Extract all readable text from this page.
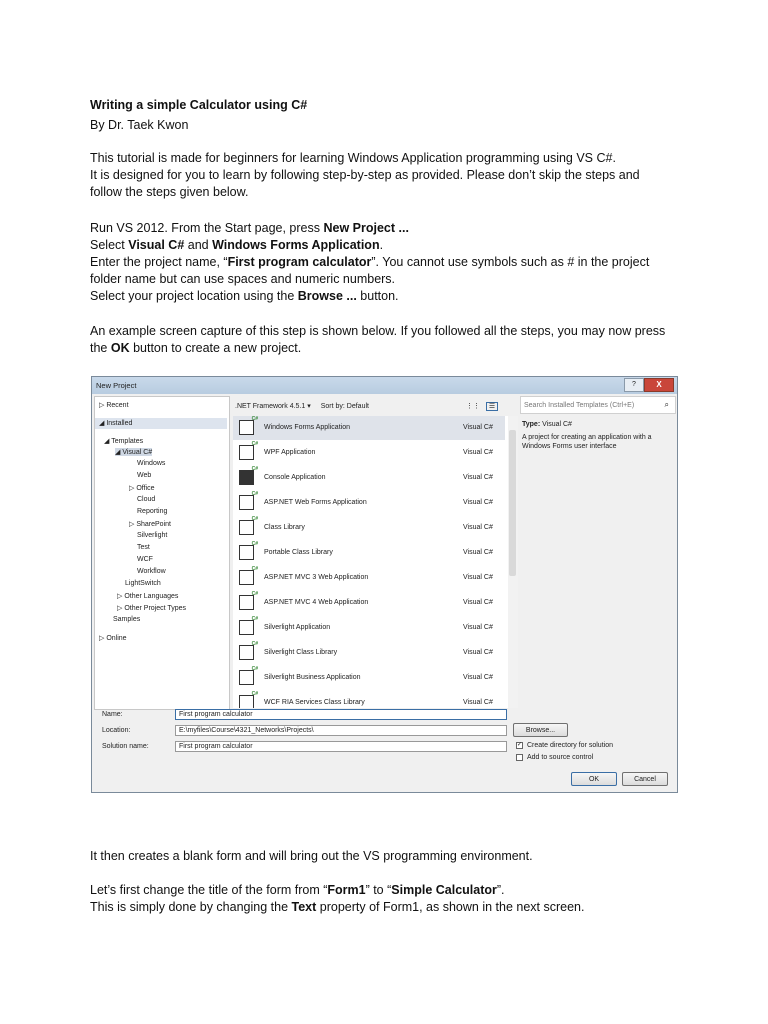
Writing a simple Calculator using C#

By Dr. Taek Kwon

This tutorial is made for beginners for learning Windows Application programming using VS C#.

It is designed for you to learn by following step-by-step as provided. Please don’t skip the steps and

follow the steps given below.

Run VS 2012. From the Start page, press New Project ...

Select Visual C# and Windows Forms Application.

Enter the project name, “First program calculator”. You cannot use symbols such as # in the project

folder name but can use spaces and numeric numbers.

Select your project location using the Browse ... button.

An example screen capture of this step is shown below. If you followed all the steps, you may now press

the OK button to create a new project.

New Project	?	X
▷ Recent
◢ Installed
◢ Templates
◢ Visual C#
Windows
Web
▷ Office
Cloud
Reporting
▷ SharePoint
Silverlight
Test
WCF
Workflow
LightSwitch
▷ Other Languages
▷ Other Project Types
Samples
▷ Online
.NET Framework 4.5.1 ▾ Sort by: Default	⋮⋮ ☰
C#
Windows Forms Application	Visual C#
C#
WPF Application	Visual C#
C#
Console Application	Visual C#
C#
ASP.NET Web Forms Application	Visual C#
C#
Class Library	Visual C#
C#
Portable Class Library	Visual C#
C#
ASP.NET MVC 3 Web Application	Visual C#
C#
ASP.NET MVC 4 Web Application	Visual C#
C#
Silverlight Application	Visual C#
C#
Silverlight Class Library	Visual C#
C#
Silverlight Business Application	Visual C#
C#
WCF RIA Services Class Library	Visual C#
Search Installed Templates (Ctrl+E)	⌕
Type: Visual C#
A project for creating an application with a Windows Forms user interface
Name:	First program calculator
Location:	E:\myfiles\Course\4321_Networks\Projects\
Solution name:	First program calculator
Browse...
✓ Create directory for solution
Add to source control
OK	Cancel

It then creates a blank form and will bring out the VS programming environment.

Let’s first change the title of the form from “Form1” to “Simple Calculator”.

This is simply done by changing the Text property of Form1, as shown in the next screen.
